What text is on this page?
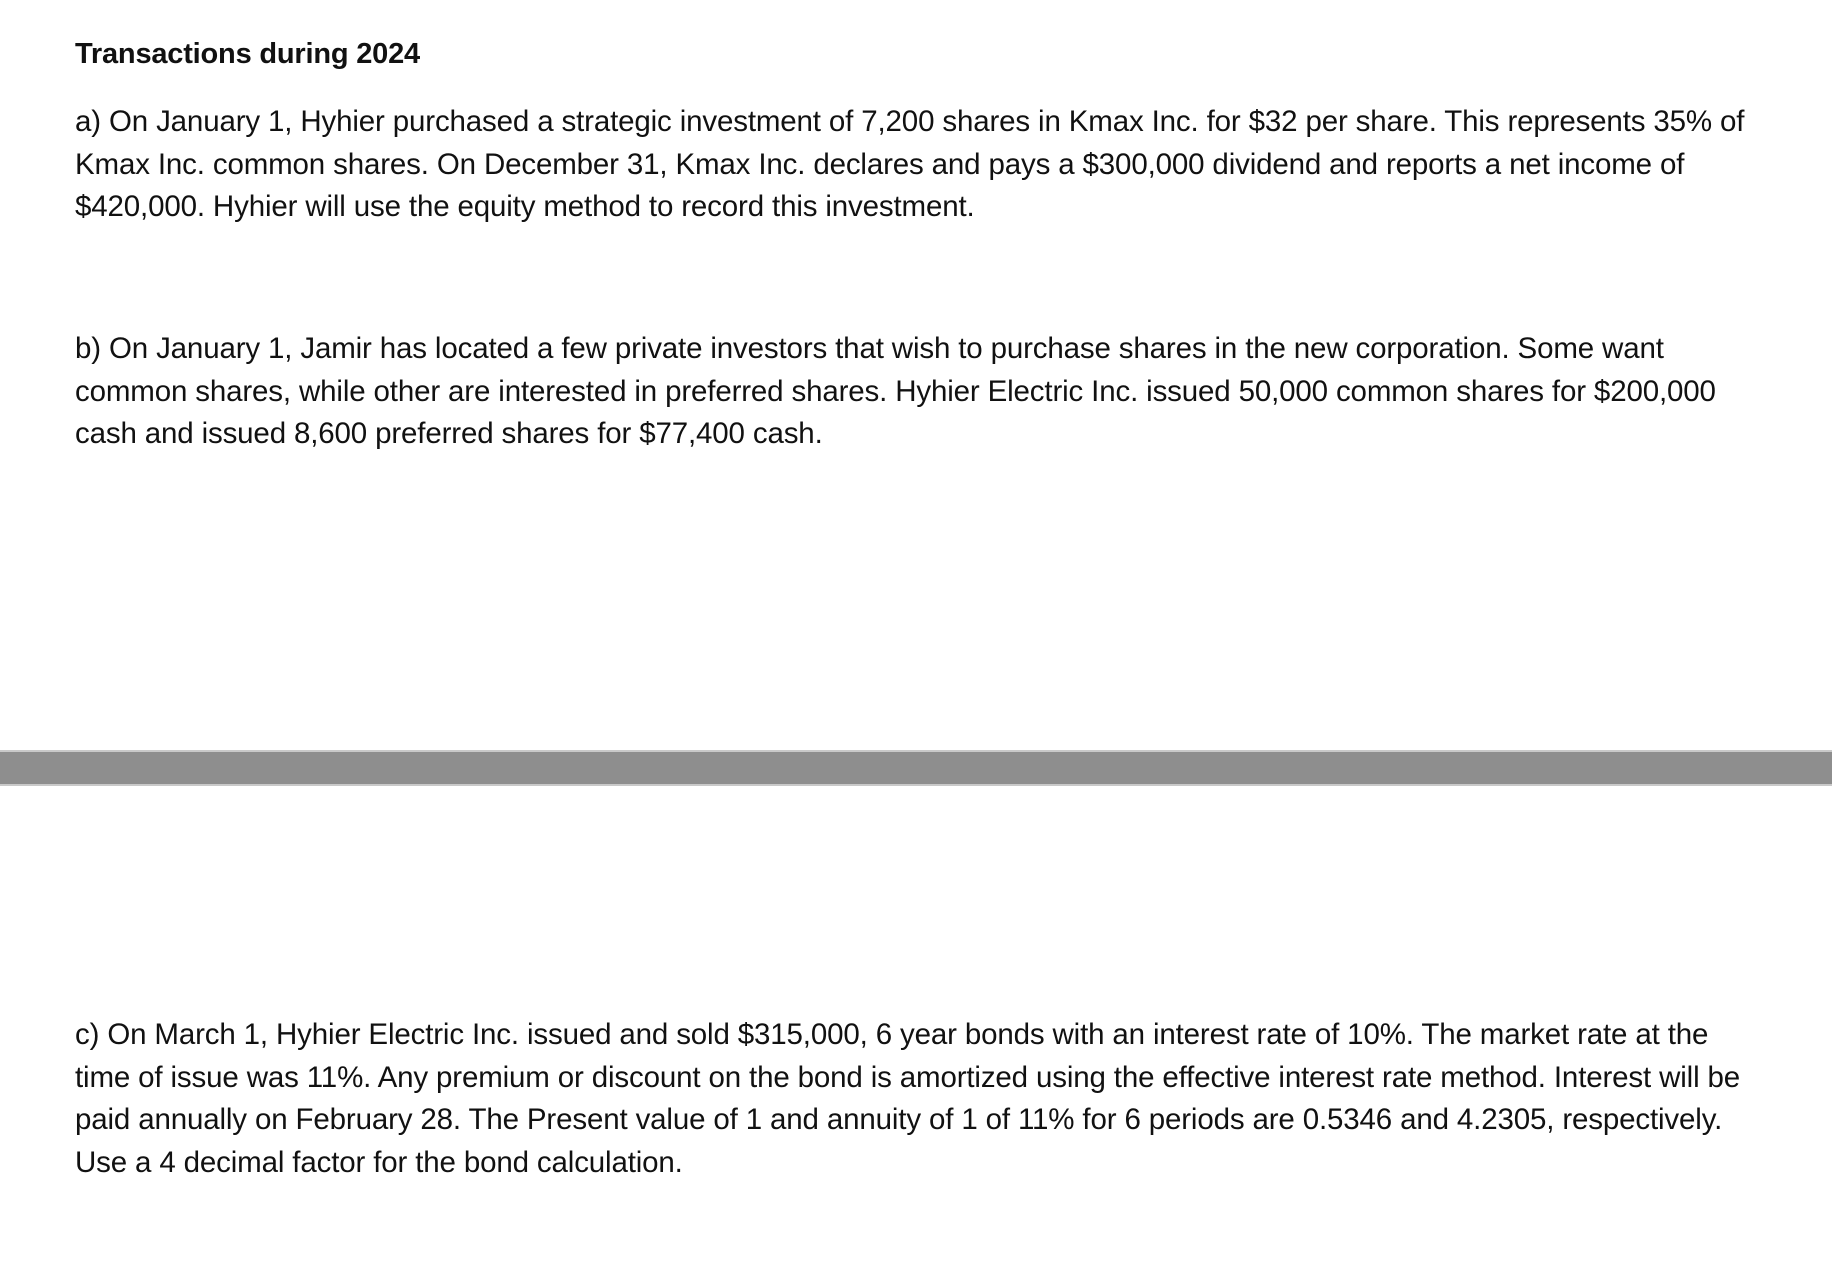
Transactions during 2024

a) On January 1, Hyhier purchased a strategic investment of 7,200 shares in Kmax Inc. for $32 per share. This represents 35% of Kmax Inc. common shares. On December 31, Kmax Inc. declares and pays a $300,000 dividend and reports a net income of $420,000. Hyhier will use the equity method to record this investment.

b) On January 1, Jamir has located a few private investors that wish to purchase shares in the new corporation. Some want common shares, while other are interested in preferred shares. Hyhier Electric Inc. issued 50,000 common shares for $200,000 cash and issued 8,600 preferred shares for $77,400 cash.

c) On March 1, Hyhier Electric Inc. issued and sold $315,000, 6 year bonds with an interest rate of 10%. The market rate at the time of issue was 11%. Any premium or discount on the bond is amortized using the effective interest rate method. Interest will be paid annually on February 28. The Present value of 1 and annuity of 1 of 11% for 6 periods are 0.5346 and 4.2305, respectively. Use a 4 decimal factor for the bond calculation.
